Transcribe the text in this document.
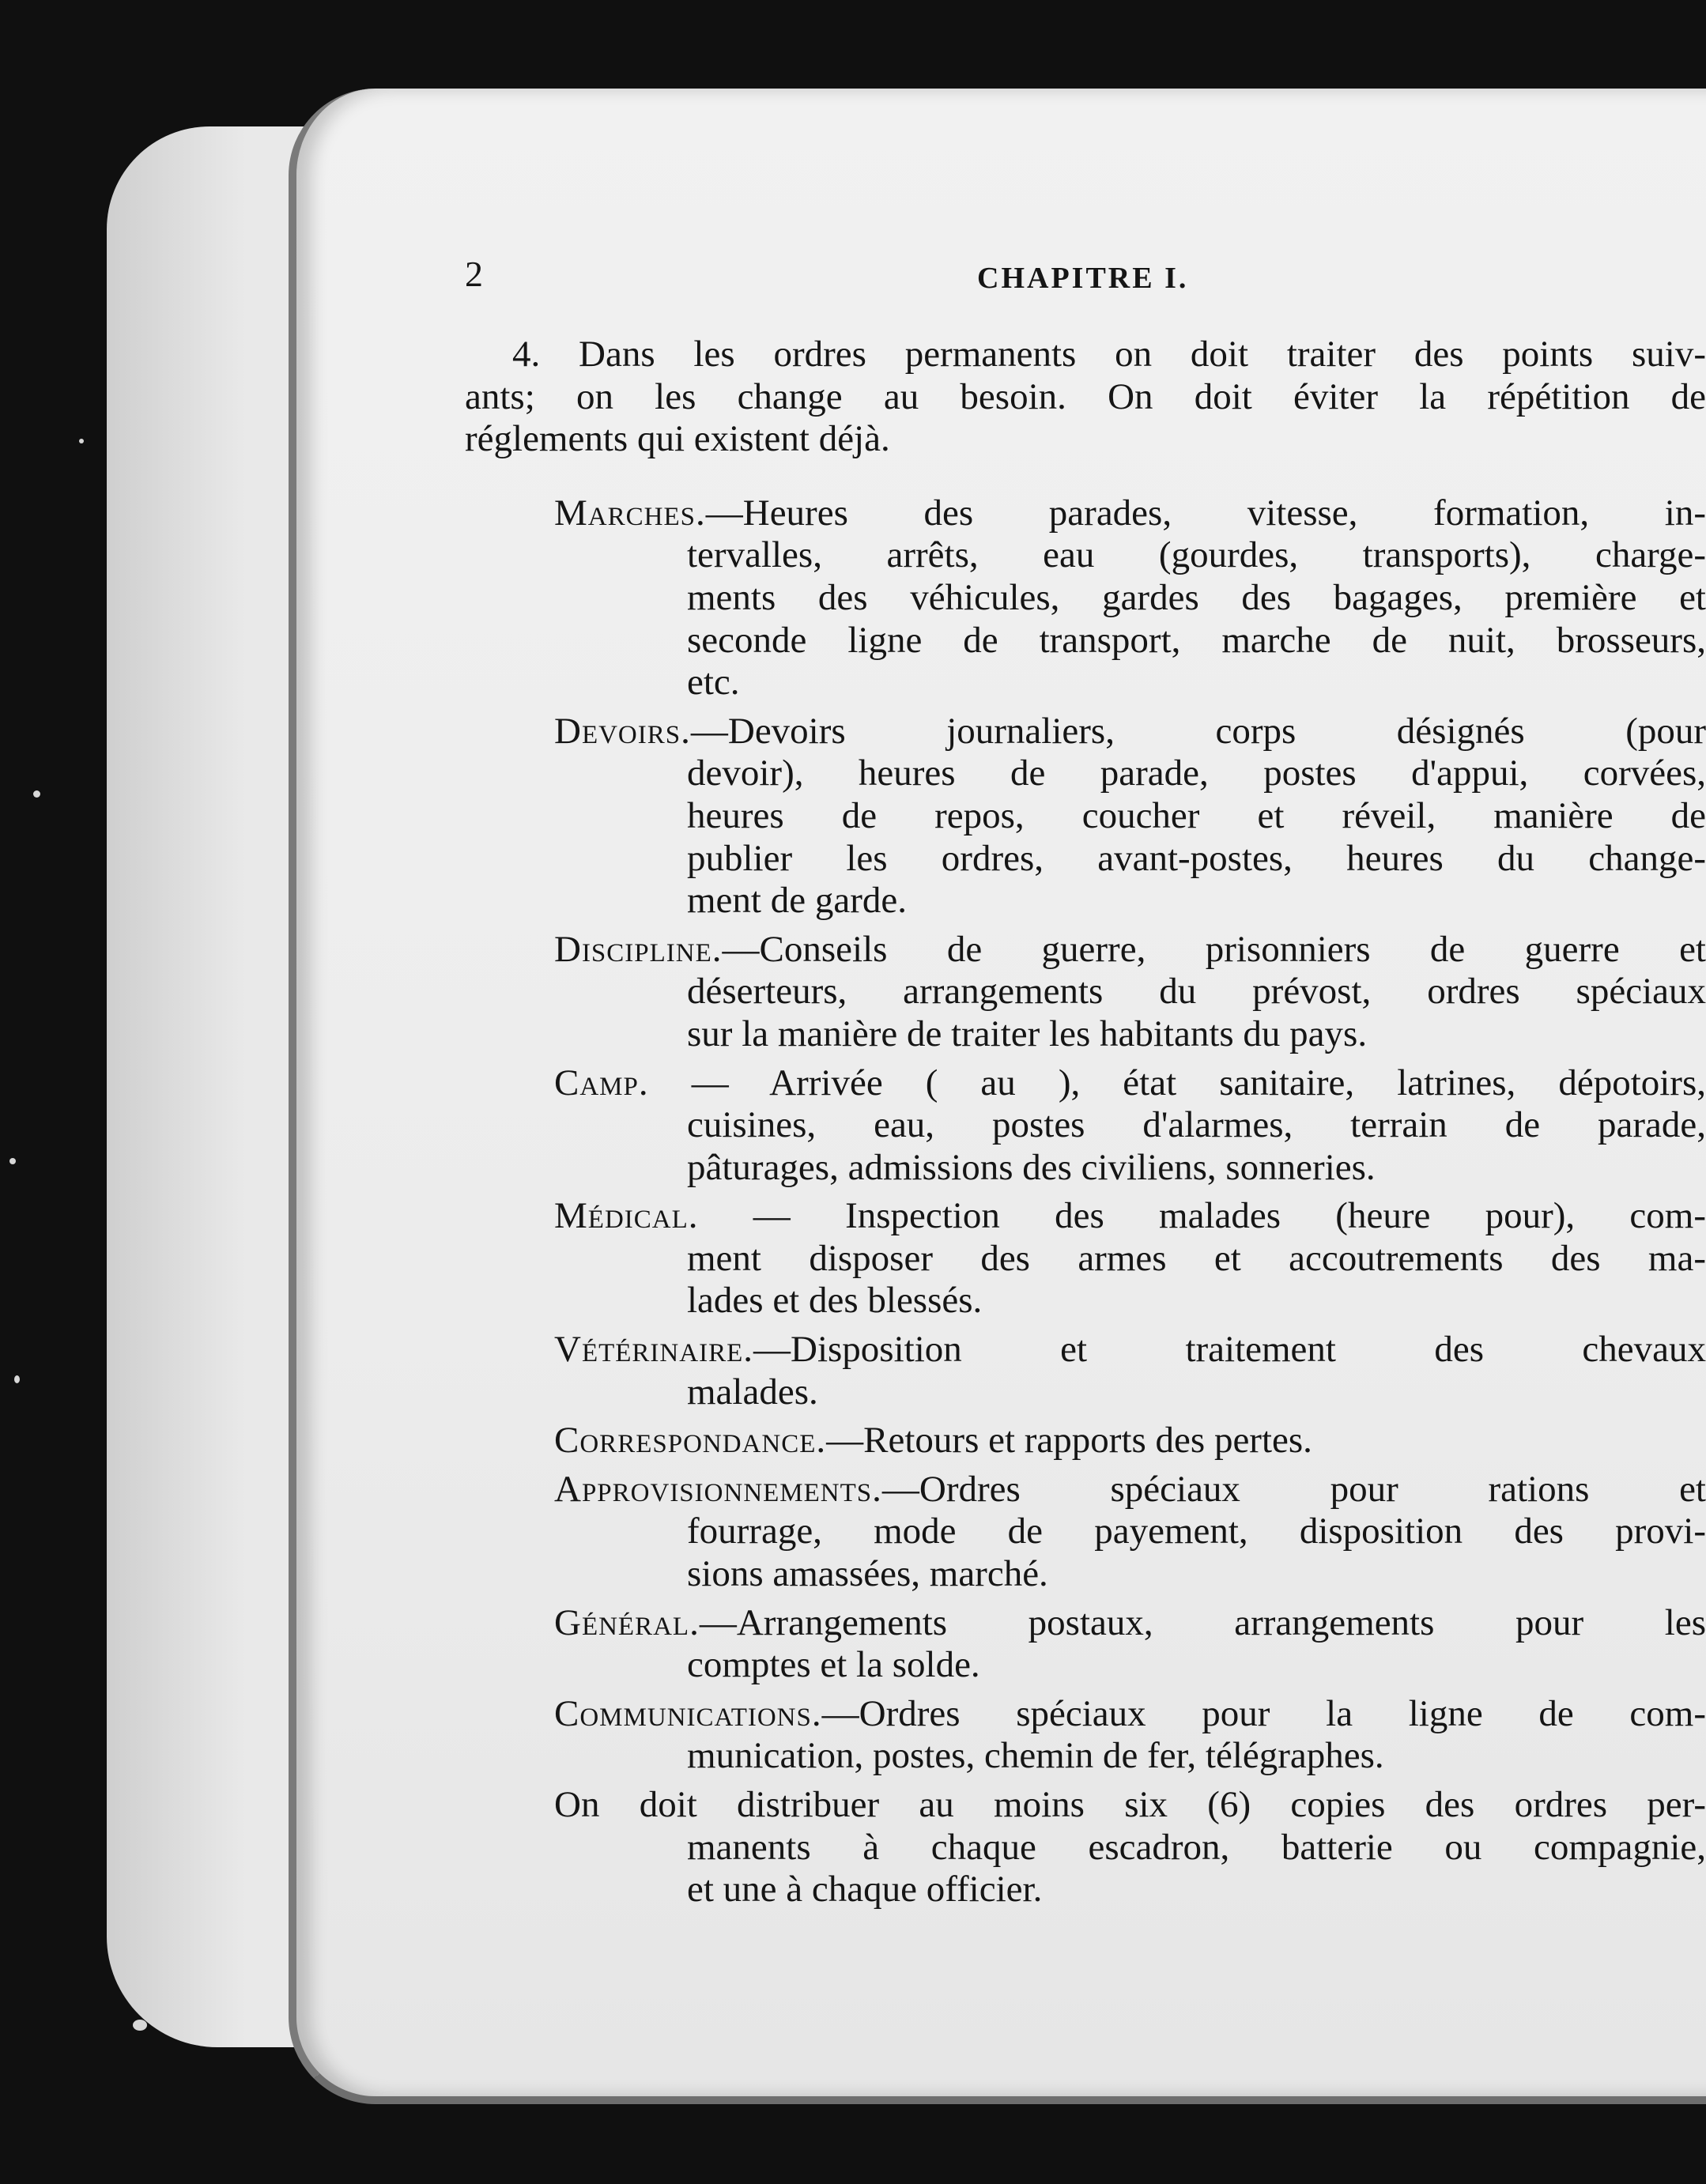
2	CHAPITRE I.
4. Dans les ordres permanents on doit traiter des points suiv-
ants; on les change au besoin. On doit éviter la répétition de
réglements qui existent déjà.
Marches.—Heures des parades, vitesse, formation, in-
tervalles, arrêts, eau (gourdes, transports), charge-
ments des véhicules, gardes des bagages, première et
seconde ligne de transport, marche de nuit, brosseurs,
etc.
Devoirs.—Devoirs journaliers, corps désignés (pour
devoir), heures de parade, postes d'appui, corvées,
heures de repos, coucher et réveil, manière de
publier les ordres, avant-postes, heures du change-
ment de garde.
Discipline.—Conseils de guerre, prisonniers de guerre et
déserteurs, arrangements du prévost, ordres spéciaux
sur la manière de traiter les habitants du pays.
Camp. — Arrivée ( au ), état sanitaire, latrines, dépotoirs,
cuisines, eau, postes d'alarmes, terrain de parade,
pâturages, admissions des civiliens, sonneries.
Médical. — Inspection des malades (heure pour), com-
ment disposer des armes et accoutrements des ma-
lades et des blessés.
Vétérinaire.—Disposition et traitement des chevaux
malades.
Correspondance.—Retours et rapports des pertes.
Approvisionnements.—Ordres spéciaux pour rations et
fourrage, mode de payement, disposition des provi-
sions amassées, marché.
Général.—Arrangements postaux, arrangements pour les
comptes et la solde.
Communications.—Ordres spéciaux pour la ligne de com-
munication, postes, chemin de fer, télégraphes.
On doit distribuer au moins six (6) copies des ordres per-
manents à chaque escadron, batterie ou compagnie,
et une à chaque officier.
